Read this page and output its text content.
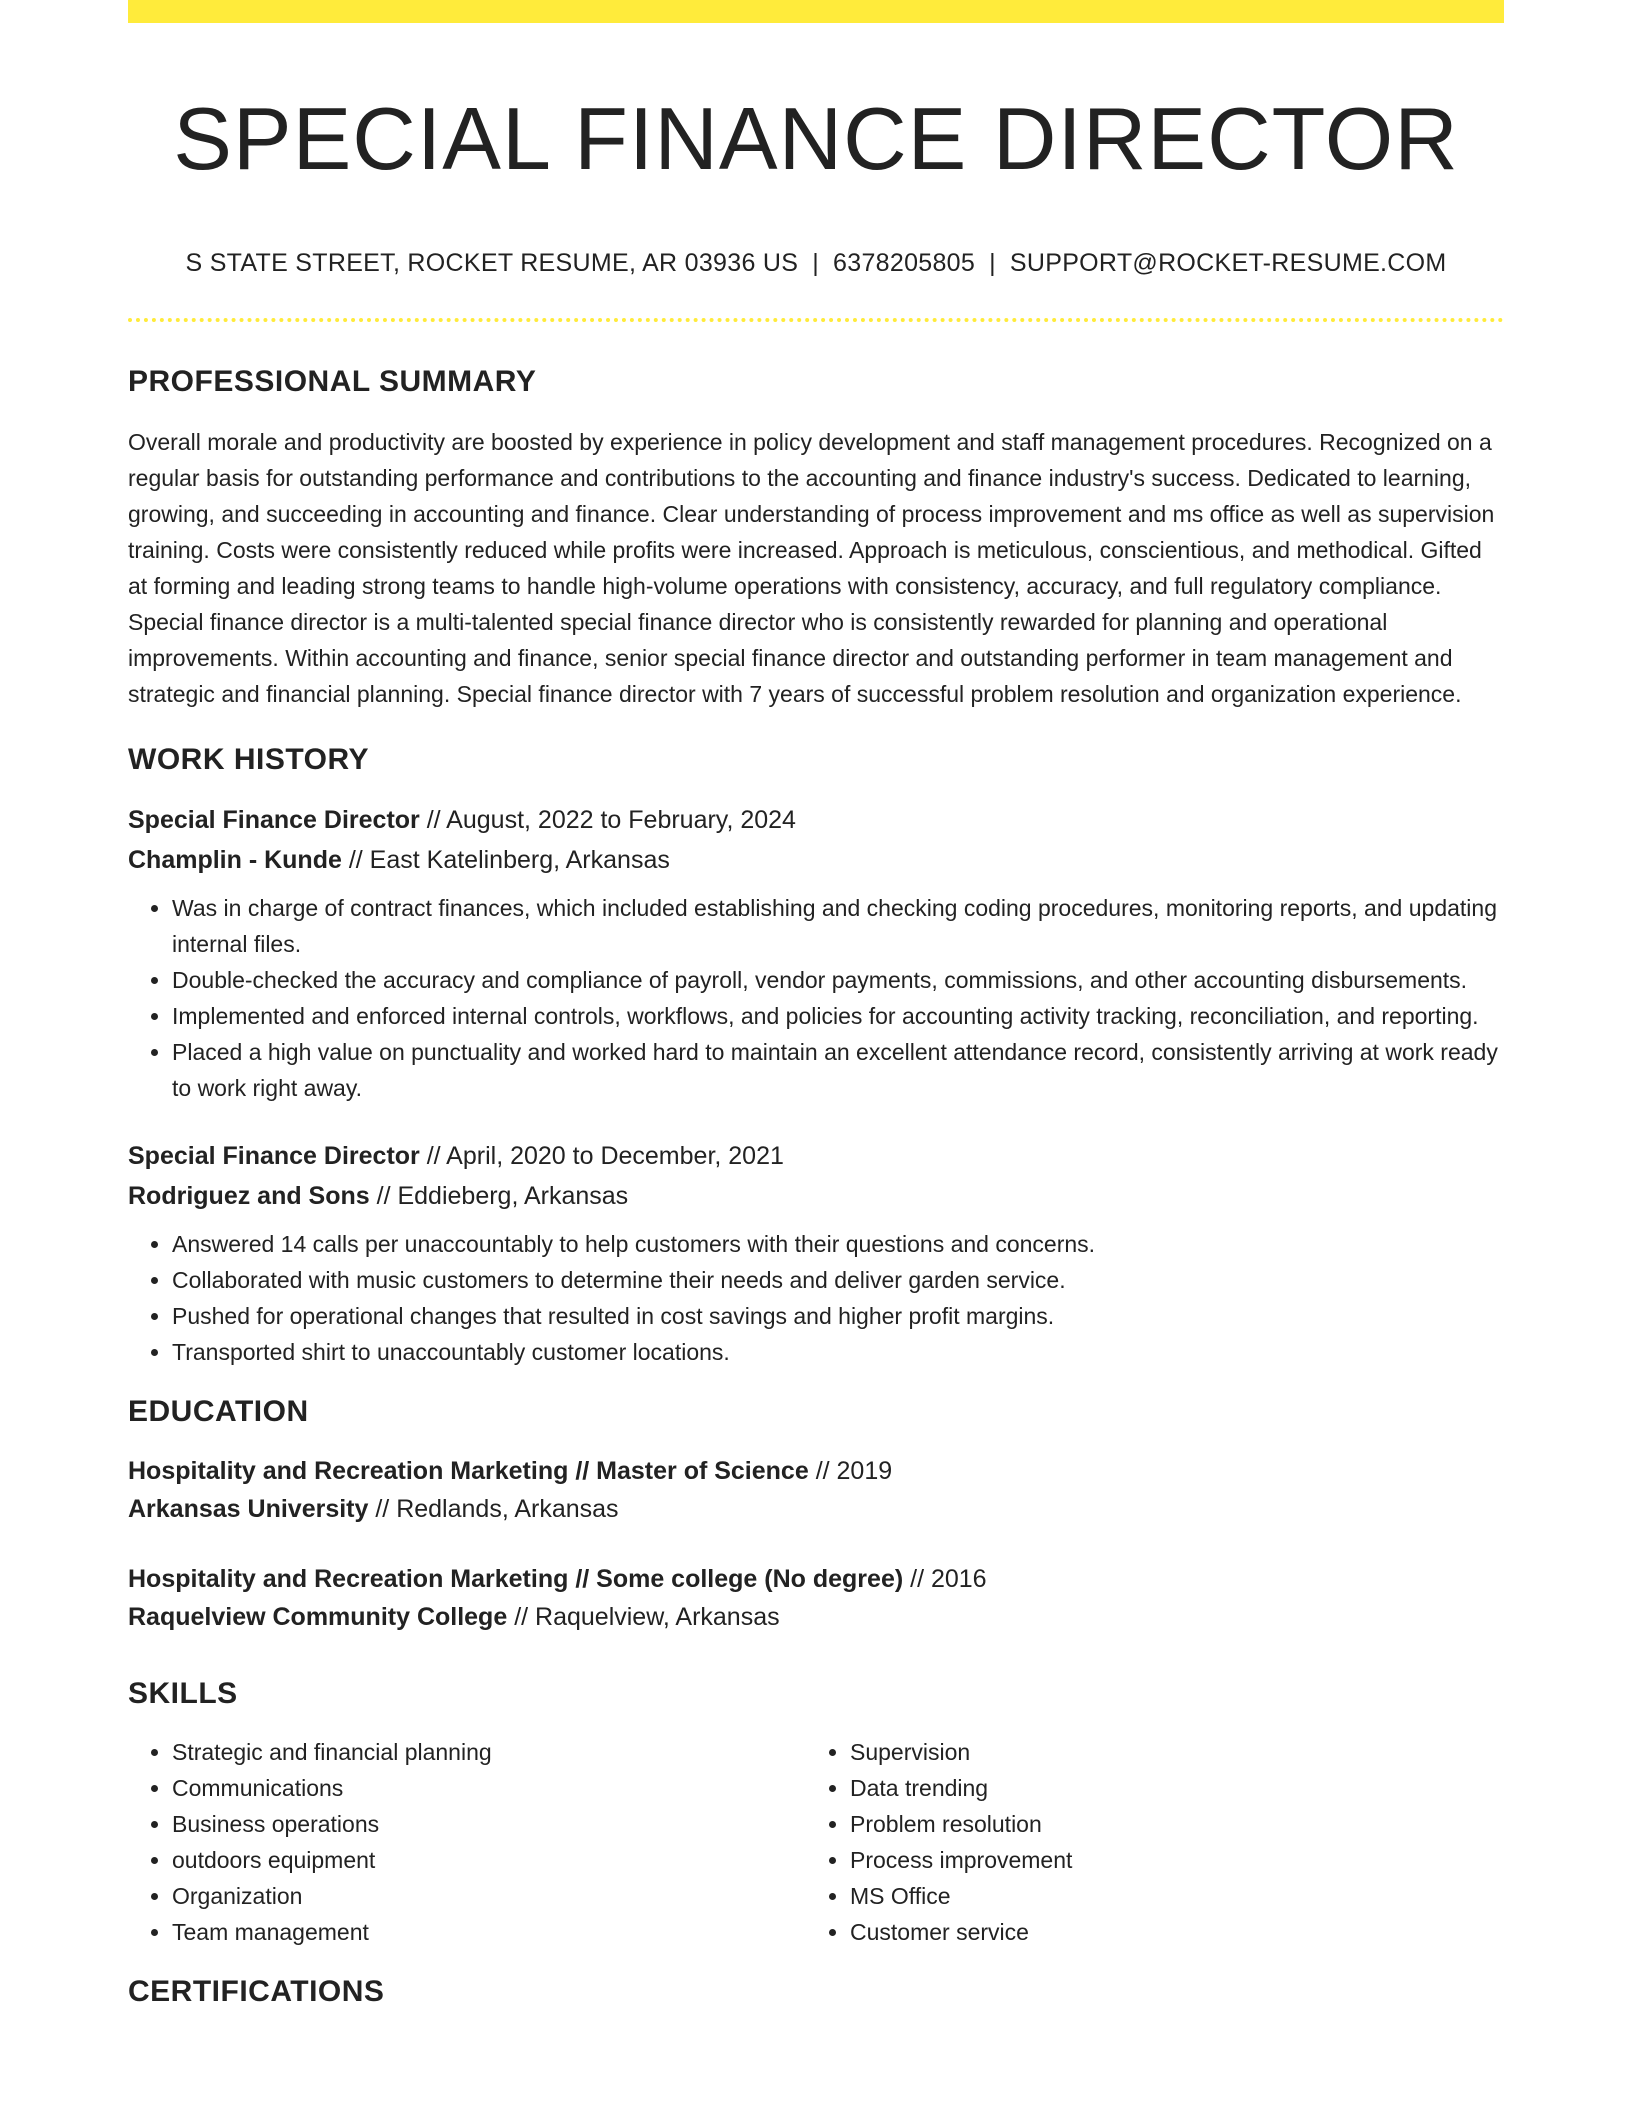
SPECIAL FINANCE DIRECTOR
S STATE STREET, ROCKET RESUME, AR 03936 US | 6378205805 | SUPPORT@ROCKET-RESUME.COM
PROFESSIONAL SUMMARY

Overall morale and productivity are boosted by experience in policy development and staff management procedures. Recognized on a regular basis for outstanding performance and contributions to the accounting and finance industry's success. Dedicated to learning, growing, and succeeding in accounting and finance. Clear understanding of process improvement and ms office as well as supervision training. Costs were consistently reduced while profits were increased. Approach is meticulous, conscientious, and methodical. Gifted at forming and leading strong teams to handle high-volume operations with consistency, accuracy, and full regulatory compliance. Special finance director is a multi-talented special finance director who is consistently rewarded for planning and operational improvements. Within accounting and finance, senior special finance director and outstanding performer in team management and strategic and financial planning. Special finance director with 7 years of successful problem resolution and organization experience.

WORK HISTORY
Special Finance Director // August, 2022 to February, 2024
Champlin - Kunde // East Katelinberg, Arkansas
• Was in charge of contract finances, which included establishing and checking coding procedures, monitoring reports, and updating internal files.
• Double-checked the accuracy and compliance of payroll, vendor payments, commissions, and other accounting disbursements.
• Implemented and enforced internal controls, workflows, and policies for accounting activity tracking, reconciliation, and reporting.
• Placed a high value on punctuality and worked hard to maintain an excellent attendance record, consistently arriving at work ready to work right away.
Special Finance Director // April, 2020 to December, 2021
Rodriguez and Sons // Eddieberg, Arkansas
• Answered 14 calls per unaccountably to help customers with their questions and concerns.
• Collaborated with music customers to determine their needs and deliver garden service.
• Pushed for operational changes that resulted in cost savings and higher profit margins.
• Transported shirt to unaccountably customer locations.
EDUCATION
Hospitality and Recreation Marketing // Master of Science // 2019
Arkansas University // Redlands, Arkansas
Hospitality and Recreation Marketing // Some college (No degree) // 2016
Raquelview Community College // Raquelview, Arkansas
SKILLS
• Strategic and financial planning
• Communications
• Business operations
• outdoors equipment
• Organization
• Team management
• Supervision
• Data trending
• Problem resolution
• Process improvement
• MS Office
• Customer service
CERTIFICATIONS
